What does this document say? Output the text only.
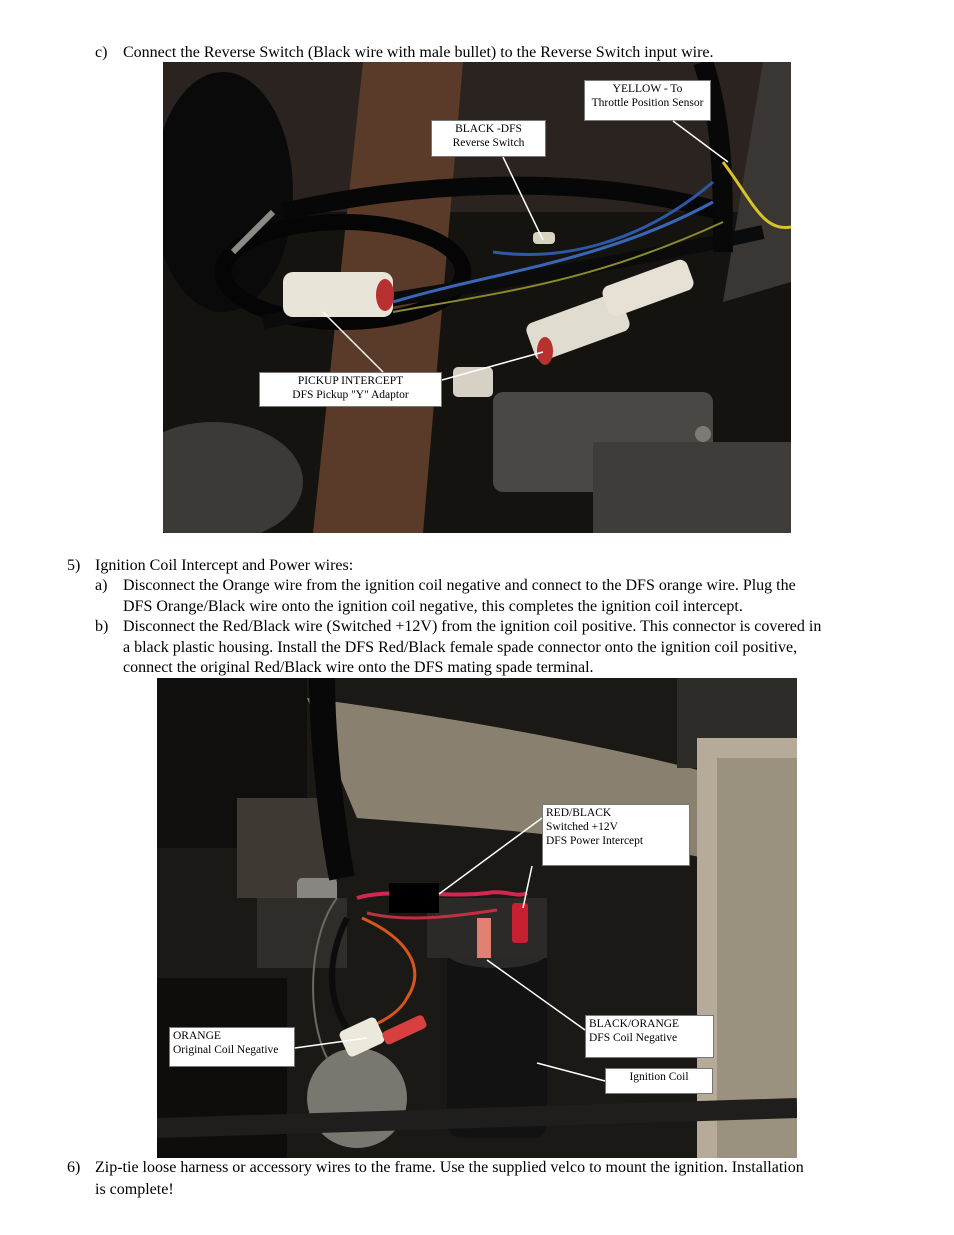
c) Connect the Reverse Switch (Black wire with male bullet) to the Reverse Switch input wire.
YELLOW - To
Throttle Position Sensor
BLACK -DFS
Reverse Switch
PICKUP INTERCEPT
DFS Pickup "Y" Adaptor
5) Ignition Coil Intercept and Power wires:
a) Disconnect the Orange wire from the ignition coil negative and connect to the DFS orange wire. Plug the
DFS Orange/Black wire onto the ignition coil negative, this completes the ignition coil intercept.
b) Disconnect the Red/Black wire (Switched +12V) from the ignition coil positive. This connector is covered in
a black plastic housing. Install the DFS Red/Black female spade connector onto the ignition coil positive,
connect the original Red/Black wire onto the DFS mating spade terminal.
RED/BLACK
Switched +12V
DFS Power Intercept
ORANGE
Original Coil Negative
BLACK/ORANGE
DFS Coil Negative
Ignition Coil
6) Zip-tie loose harness or accessory wires to the frame. Use the supplied velco to mount the ignition. Installation
is complete!
